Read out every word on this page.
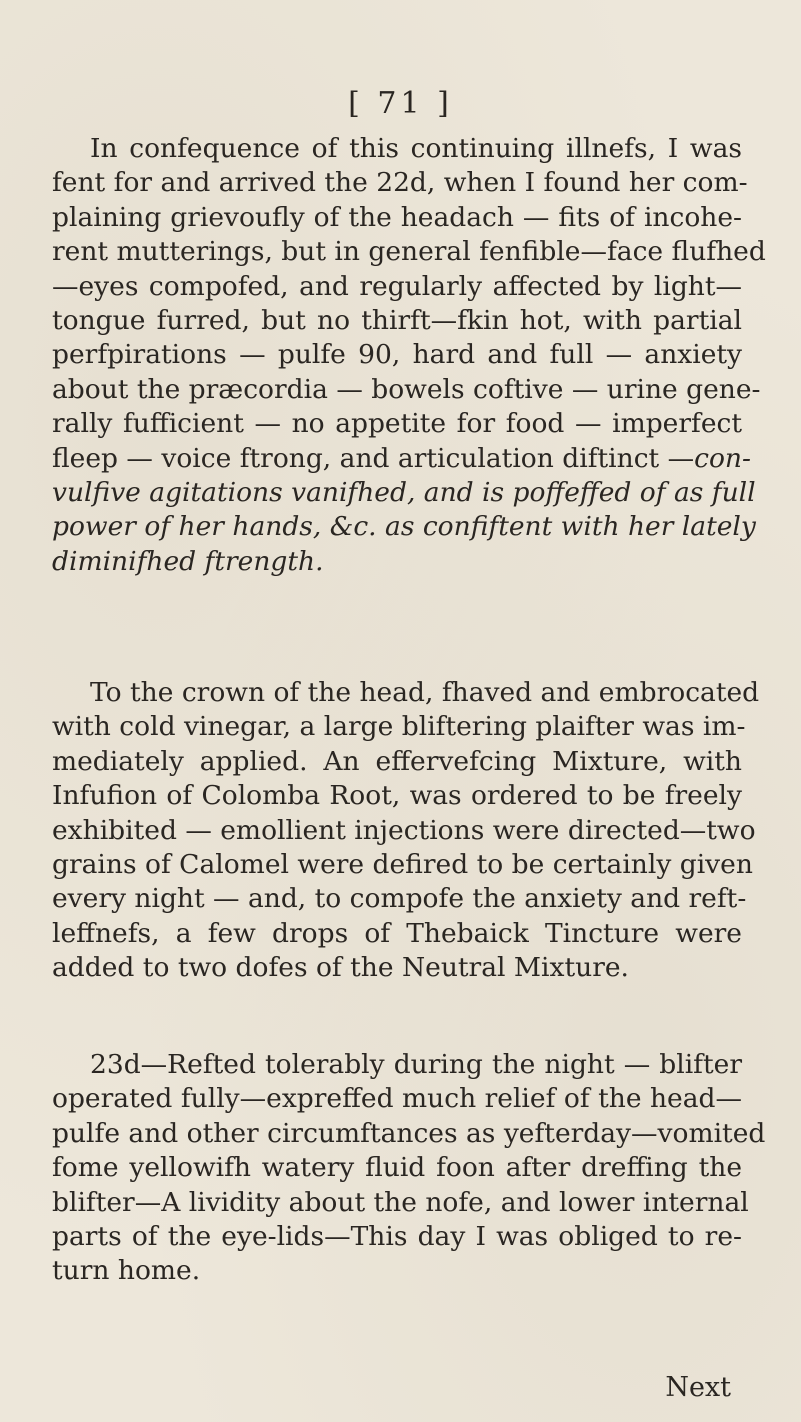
[ 71 ]
In confequence of this continuing illnefs, I was
fent for and arrived the 22d, when I found her com-
plaining grievoufly of the headach — fits of incohe-
rent mutterings, but in general fenfible—face flufhed
—eyes compofed, and regularly affected by light—
tongue furred, but no thirft—fkin hot, with partial
perfpirations — pulfe 90, hard and full — anxiety
about the præcordia — bowels coftive — urine gene-
rally fufficient — no appetite for food — imperfect
fleep — voice ftrong, and articulation diftinct —con-
vulfive agitations vanifhed, and is poffeffed of as full
power of her hands, &c. as confiftent with her lately
diminifhed ftrength.
To the crown of the head, fhaved and embrocated
with cold vinegar, a large bliftering plaifter was im-
mediately applied. An effervefcing Mixture, with
Infufion of Colomba Root, was ordered to be freely
exhibited — emollient injections were directed—two
grains of Calomel were defired to be certainly given
every night — and, to compofe the anxiety and reft-
leffnefs, a few drops of Thebaick Tincture were
added to two dofes of the Neutral Mixture.
23d—Refted tolerably during the night — blifter
operated fully—expreffed much relief of the head—
pulfe and other circumftances as yefterday—vomited
fome yellowifh watery fluid foon after dreffing the
blifter—A lividity about the nofe, and lower internal
parts of the eye-lids—This day I was obliged to re-
turn home.
Next
